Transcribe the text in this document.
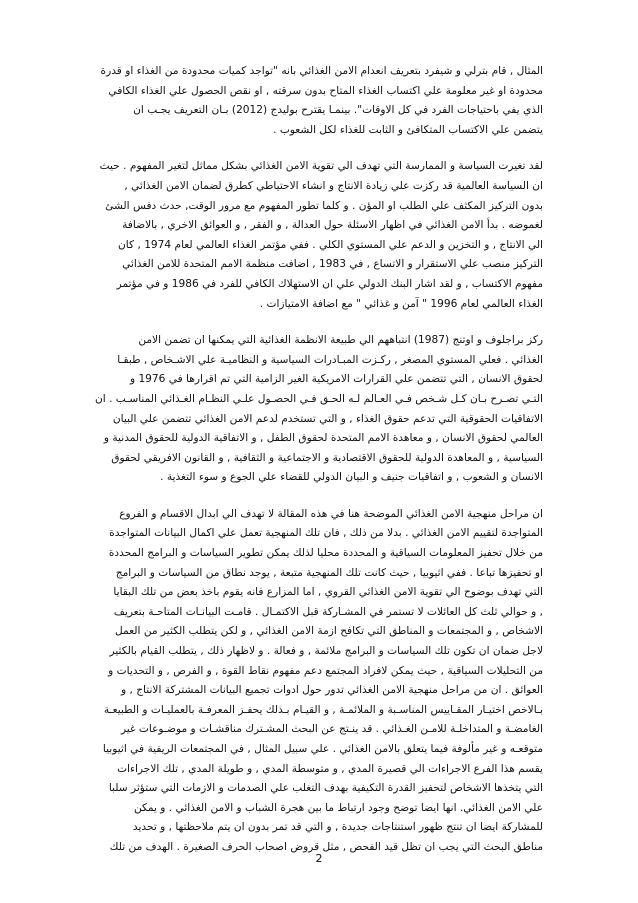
المثال , قام بترلي و شيفرد بتعريف انعدام الامن الغذائي بانه "تواجد كميات محدودة من الغذاء او قدرة
محدودة او غير معلومة علي اكتساب الغذاء المتاح بدون سرقته , او نقص الحصول علي الغذاء الكافي
الذي يفي باحتياجات الفرد في كل الاوقات". بينمـا يقترح بوليدج (2012) بـان التعريف يجـب ان
يتضمن علي الاكتساب المتكافئ و الثابت للغذاء لكل الشعوب .
لقد تغيرت السياسة و الممارسة التي تهدف الي تقوية الامن الغذائي بشكل مماثل لتغير المفهوم . حيث
ان السياسة العالمية قد ركزت علي زيادة الانتاج و انشاء الاحتياطي كطرق لضمان الامن الغذائي ,
بدون التركيز المكثف علي الطلب او المؤن . و كلما تطور المفهوم مع مرور الوقت, حدث دفس الشئ
لغموضه . بدأ الامن الغذائي في اظهار الاسئلة حول العدالة , و الفقر , و العوائق الاخري , بالاضافة
الي الانتاج , و التخزين و الدعم علي المستوي الكلي . ففي مؤتمر الغذاء العالمي لعام 1974 , كان
التركيز منصب علي الاستقرار و الاتساع , في 1983 , اضافت منظمة الامم المتحدة للامن الغذائي
مفهوم الاكتساب , و لقد اشار البنك الدولي علي ان الاستهلاك الكافي للفرد في 1986 و في مؤتمر
الغذاء العالمي لعام 1996 " آمن و غذائي " مع اضافة الامتيازات .
ركز براجلوف و اوتنج (1987) انتباههم الي طبيعة الانظمة الغذائية التي يمكنها ان تضمن الامن
الغذائي . فعلي المستوي المصغر , ركـزت المبـادرات السياسية و النظاميـة علي الاشـخاص , طبقـا
لحقوق الانسان , التي تتضمن علي القرارات الامريكية الغير الزامية التي تم اقرارها في 1976 و
التـي تصـرح بـان كـل شـخص فـي العـالم لـه الحـق فـي الحصـول علـي النظـام الغـذائي المناسـب . ان
الاتفاقيات الحقوقية التي تدعم حقوق الغذاء , و التي تستخدم لدعم الامن الغذائي تتضمن علي البيان
العالمي لحقوق الانسان , و معاهدة الامم المتحدة لحقوق الطفل , و الاتفاقية الدولية للحقوق المدنية و
السياسية , و المعاهدة الدولية للحقوق الاقتصادية و الاجتماعية و الثقافية , و القانون الافريقي لحقوق
الانسان و الشعوب , و اتفاقيات جنيف و البيان الدولي للقضاء علي الجوع و سوء التغذية .
ان مراحل منهجية الامن الغذائي الموضحة هنا في هذه المقالة لا تهدف الي ابدال الاقسام و الفروع
المتواجدة لتقييم الامن الغذائي . بدلا من ذلك , فان تلك المنهجية تعمل علي اكمال البيانات المتواجدة
من خلال تحفيز المعلومات السياقية و المحددة محليا لذلك يمكن تطوير السياسات و البرامج المحددة
او تحفيزها تباعا . ففي اثيوبيا , حيث كانت تلك المنهجية متبعة , يوجد نطاق من السياسات و البرامج
التي تهدف بوضوح الي تقوية الامن الغذائي القروي , اما المزارع فانه يقوم باخذ بعض من تلك البقايا
, و حوالي ثلث كل العائلات لا تستمر في المشـاركة قبل الاكتمـال . قامـت البيانـات المتاحـة بتعريف
الاشخاص , و المجتمعات و المناطق التي تكافح ازمة الامن الغذائي , و لكن يتطلب الكثير من العمل
لاجل ضمان ان تكون تلك السياسات و البرامج ملائمة , و فعالة . و لاظهار ذلك , يتطلب القيام بالكثير
من التحليلات السياقية , حيث يمكن لافراد المجتمع دعم مفهوم نقاط القوة , و الفرص , و التحديات و
العوائق . ان من مراحل منهجية الامن الغذائي تدور حول ادوات تجميع البيانات المشتركة الانتاج , و
بـالاخص اختيـار المقـاييس المناسـبة و الملائمـة , و القيـام بـذلك يحفـز المعرفـة بالعمليـات و الطبيعـة
الغامضـة و المتداخلـة للامـن الغـذائي . قد ينـتج عن البحث المشـترك مناقشـات و موضـوعات غير
متوقعـه و غير مألوفة فيما يتعلق بالامن الغذائي . علي سبيل المثال , في المجتمعات الريفية في اثيوبيا
يقسم هذا الفرع الاجراءات الي قصيرة المدي , و متوسطة المدي , و طويلة المدي , تلك الاجراءات
التي يتخذها الاشخاص لتحفيز القدرة التكيفية بهدف التغلب علي الصدمات و الازمات التي ستؤثر سلبا
علي الامن الغذائي. انها ايضا توضح وجود ارتباط ما بين هجرة الشباب و الامن الغذائي . و يمكن
للمشاركة ايضا ان تنتج ظهور استنتاجات جديدة , و التي قد تمر بدون ان يتم ملاحظتها , و تحديد
مناطق البحث التي يجب ان تظل قيد الفحص , مثل قروض اصحاب الحرف الصغيرة . الهدف من تلك
2
